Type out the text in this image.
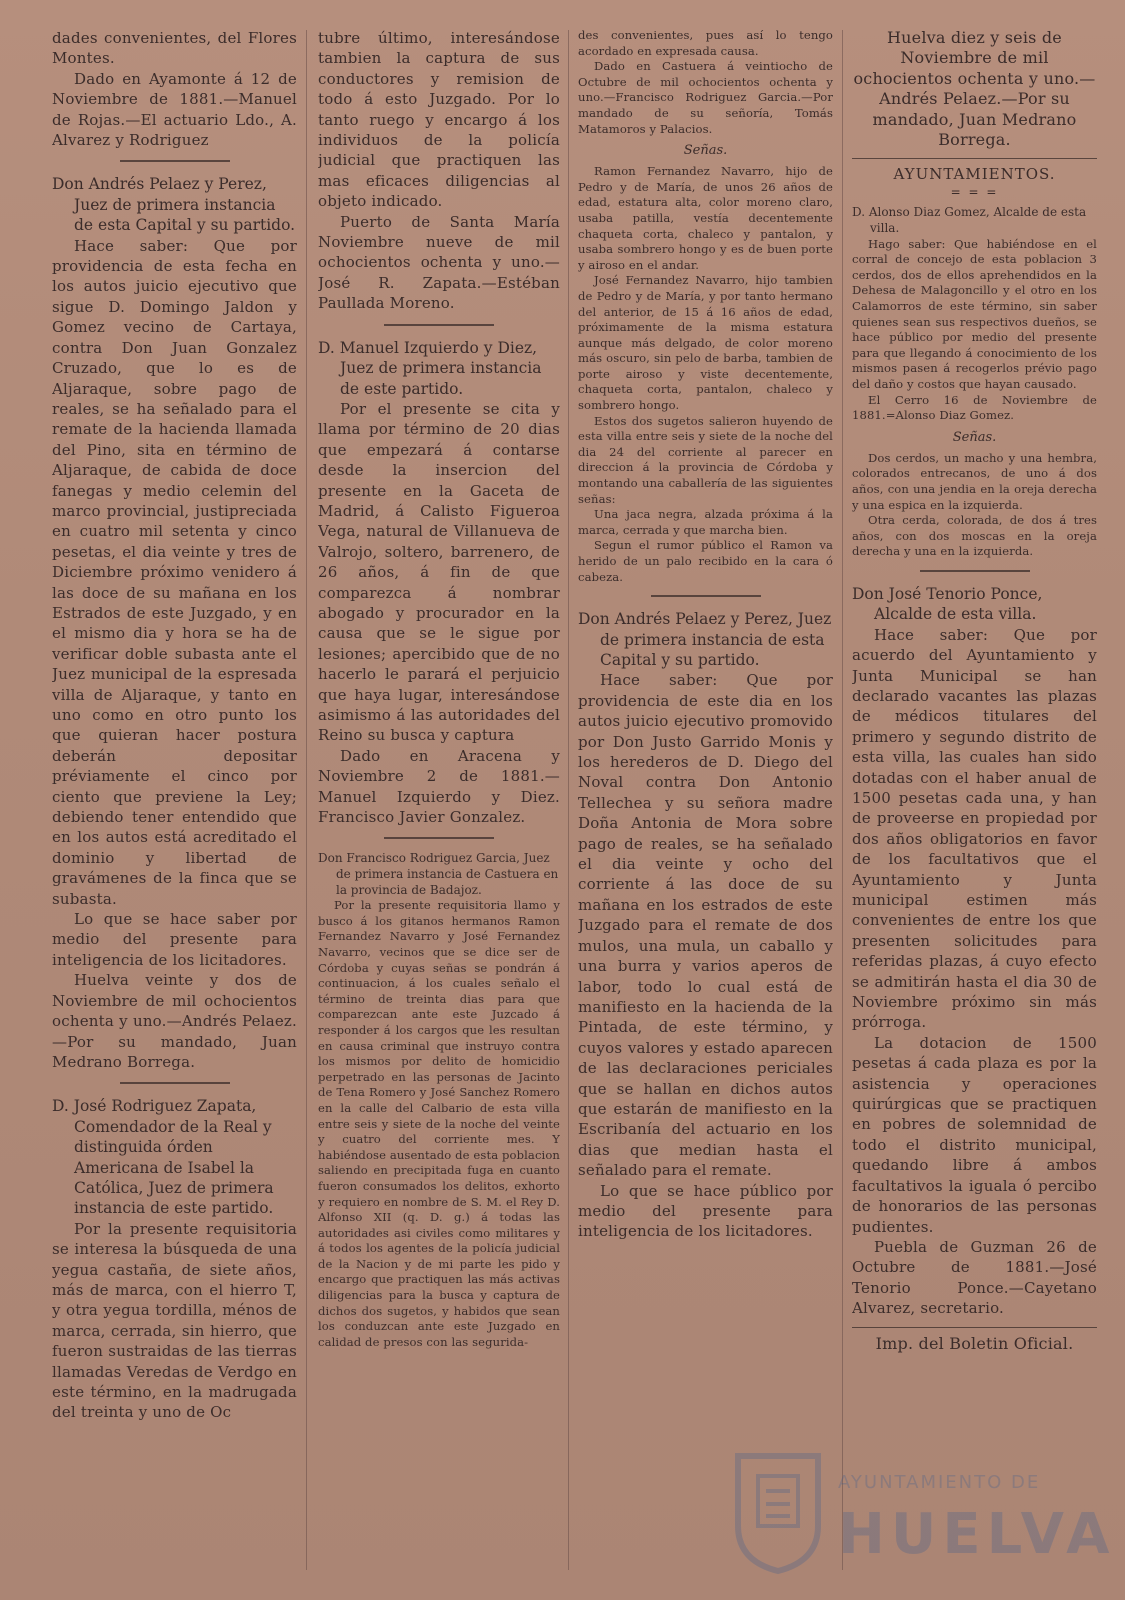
dades convenientes, del Flores Montes.

Dado en Ayamonte á 12 de Noviembre de 1881.—Manuel de Rojas.—El actuario Ldo., A. Alvarez y Rodriguez

Don Andrés Pelaez y Perez, Juez de primera instancia de esta Capital y su partido.

Hace saber: Que por providencia de esta fecha en los autos juicio ejecutivo que sigue D. Domingo Jaldon y Gomez vecino de Cartaya, contra Don Juan Gonzalez Cruzado, que lo es de Aljaraque, sobre pago de reales, se ha señalado para el remate de la hacienda llamada del Pino, sita en término de Aljaraque, de cabida de doce fanegas y medio celemin del marco provincial, justipreciada en cuatro mil setenta y cinco pesetas, el dia veinte y tres de Diciembre próximo venidero á las doce de su mañana en los Estrados de este Juzgado, y en el mismo dia y hora se ha de verificar doble subasta ante el Juez municipal de la espresada villa de Aljaraque, y tanto en uno como en otro punto los que quieran hacer postura deberán depositar préviamente el cinco por ciento que previene la Ley; debiendo tener entendido que en los autos está acreditado el dominio y libertad de gravámenes de la finca que se subasta.

Lo que se hace saber por medio del presente para inteligencia de los licitadores.

Huelva veinte y dos de Noviembre de mil ochocientos ochenta y uno.—Andrés Pelaez.—Por su mandado, Juan Medrano Borrega.

D. José Rodriguez Zapata, Comendador de la Real y distinguida órden Americana de Isabel la Católica, Juez de primera instancia de este partido.

Por la presente requisitoria se interesa la búsqueda de una yegua castaña, de siete años, más de marca, con el hierro T, y otra yegua tordilla, ménos de marca, cerrada, sin hierro, que fueron sustraidas de las tierras llamadas Veredas de Verdgo en este término, en la madrugada del treinta y uno de Oc

tubre último, interesándose tambien la captura de sus conductores y remision de todo á esto Juzgado. Por lo tanto ruego y encargo á los individuos de la policía judicial que practiquen las mas eficaces diligencias al objeto indicado.

Puerto de Santa María Noviembre nueve de mil ochocientos ochenta y uno.—José R. Zapata.—Estéban Paullada Moreno.

D. Manuel Izquierdo y Diez, Juez de primera instancia de este partido.

Por el presente se cita y llama por término de 20 dias que empezará á contarse desde la insercion del presente en la Gaceta de Madrid, á Calisto Figueroa Vega, natural de Villanueva de Valrojo, soltero, barrenero, de 26 años, á fin de que comparezca á nombrar abogado y procurador en la causa que se le sigue por lesiones; apercibido que de no hacerlo le parará el perjuicio que haya lugar, interesándose asimismo á las autoridades del Reino su busca y captura

Dado en Aracena y Noviembre 2 de 1881.—Manuel Izquierdo y Diez. Francisco Javier Gonzalez.

Don Francisco Rodriguez Garcia, Juez de primera instancia de Castuera en la provincia de Badajoz.

Por la presente requisitoria llamo y busco á los gitanos hermanos Ramon Fernandez Navarro y José Fernandez Navarro, vecinos que se dice ser de Córdoba y cuyas señas se pondrán á continuacion, á los cuales señalo el término de treinta dias para que comparezcan ante este Juzcado á responder á los cargos que les resultan en causa criminal que instruyo contra los mismos por delito de homicidio perpetrado en las personas de Jacinto de Tena Romero y José Sanchez Romero en la calle del Calbario de esta villa entre seis y siete de la noche del veinte y cuatro del corriente mes. Y habiéndose ausentado de esta poblacion saliendo en precipitada fuga en cuanto fueron consumados los delitos, exhorto y requiero en nombre de S. M. el Rey D. Alfonso XII (q. D. g.) á todas las autoridades asi civiles como militares y á todos los agentes de la policía judicial de la Nacion y de mi parte les pido y encargo que practiquen las más activas diligencias para la busca y captura de dichos dos sugetos, y habidos que sean los conduzcan ante este Juzgado en calidad de presos con las segurida-

des convenientes, pues así lo tengo acordado en expresada causa.

Dado en Castuera á veintiocho de Octubre de mil ochocientos ochenta y uno.—Francisco Rodriguez Garcia.—Por mandado de su señoría, Tomás Matamoros y Palacios.

Señas.

Ramon Fernandez Navarro, hijo de Pedro y de María, de unos 26 años de edad, estatura alta, color moreno claro, usaba patilla, vestía decentemente chaqueta corta, chaleco y pantalon, y usaba sombrero hongo y es de buen porte y airoso en el andar.

José Fernandez Navarro, hijo tambien de Pedro y de María, y por tanto hermano del anterior, de 15 á 16 años de edad, próximamente de la misma estatura aunque más delgado, de color moreno más oscuro, sin pelo de barba, tambien de porte airoso y viste decentemente, chaqueta corta, pantalon, chaleco y sombrero hongo.

Estos dos sugetos salieron huyendo de esta villa entre seis y siete de la noche del dia 24 del corriente al parecer en direccion á la provincia de Córdoba y montando una caballería de las siguientes señas:

Una jaca negra, alzada próxima á la marca, cerrada y que marcha bien.

Segun el rumor público el Ramon va herido de un palo recibido en la cara ó cabeza.

Don Andrés Pelaez y Perez, Juez de primera instancia de esta Capital y su partido.

Hace saber: Que por providencia de este dia en los autos juicio ejecutivo promovido por Don Justo Garrido Monis y los herederos de D. Diego del Noval contra Don Antonio Tellechea y su señora madre Doña Antonia de Mora sobre pago de reales, se ha señalado el dia veinte y ocho del corriente á las doce de su mañana en los estrados de este Juzgado para el remate de dos mulos, una mula, un caballo y una burra y varios aperos de labor, todo lo cual está de manifiesto en la hacienda de la Pintada, de este término, y cuyos valores y estado aparecen de las declaraciones periciales que se hallan en dichos autos que estarán de manifiesto en la Escribanía del actuario en los dias que median hasta el señalado para el remate.

Lo que se hace público por medio del presente para inteligencia de los licitadores.

Huelva diez y seis de Noviembre de mil ochocientos ochenta y uno.—Andrés Pelaez.—Por su mandado, Juan Medrano Borrega.

AYUNTAMIENTOS.
= = =
D. Alonso Diaz Gomez, Alcalde de esta villa.

Hago saber: Que habiéndose en el corral de concejo de esta poblacion 3 cerdos, dos de ellos aprehendidos en la Dehesa de Malagoncillo y el otro en los Calamorros de este término, sin saber quienes sean sus respectivos dueños, se hace público por medio del presente para que llegando á conocimiento de los mismos pasen á recogerlos prévio pago del daño y costos que hayan causado.

El Cerro 16 de Noviembre de 1881.=Alonso Diaz Gomez.

Señas.

Dos cerdos, un macho y una hembra, colorados entrecanos, de uno á dos años, con una jendia en la oreja derecha y una espica en la izquierda.

Otra cerda, colorada, de dos á tres años, con dos moscas en la oreja derecha y una en la izquierda.

Don José Tenorio Ponce, Alcalde de esta villa.

Hace saber: Que por acuerdo del Ayuntamiento y Junta Municipal se han declarado vacantes las plazas de médicos titulares del primero y segundo distrito de esta villa, las cuales han sido dotadas con el haber anual de 1500 pesetas cada una, y han de proveerse en propiedad por dos años obligatorios en favor de los facultativos que el Ayuntamiento y Junta municipal estimen más convenientes de entre los que presenten solicitudes para referidas plazas, á cuyo efecto se admitirán hasta el dia 30 de Noviembre próximo sin más prórroga.

La dotacion de 1500 pesetas á cada plaza es por la asistencia y operaciones quirúrgicas que se practiquen en pobres de solemnidad de todo el distrito municipal, quedando libre á ambos facultativos la iguala ó percibo de honorarios de las personas pudientes.

Puebla de Guzman 26 de Octubre de 1881.—José Tenorio Ponce.—Cayetano Alvarez, secretario.

Imp. del Boletin Oficial.

AYUNTAMIENTO DE
HUELVA
